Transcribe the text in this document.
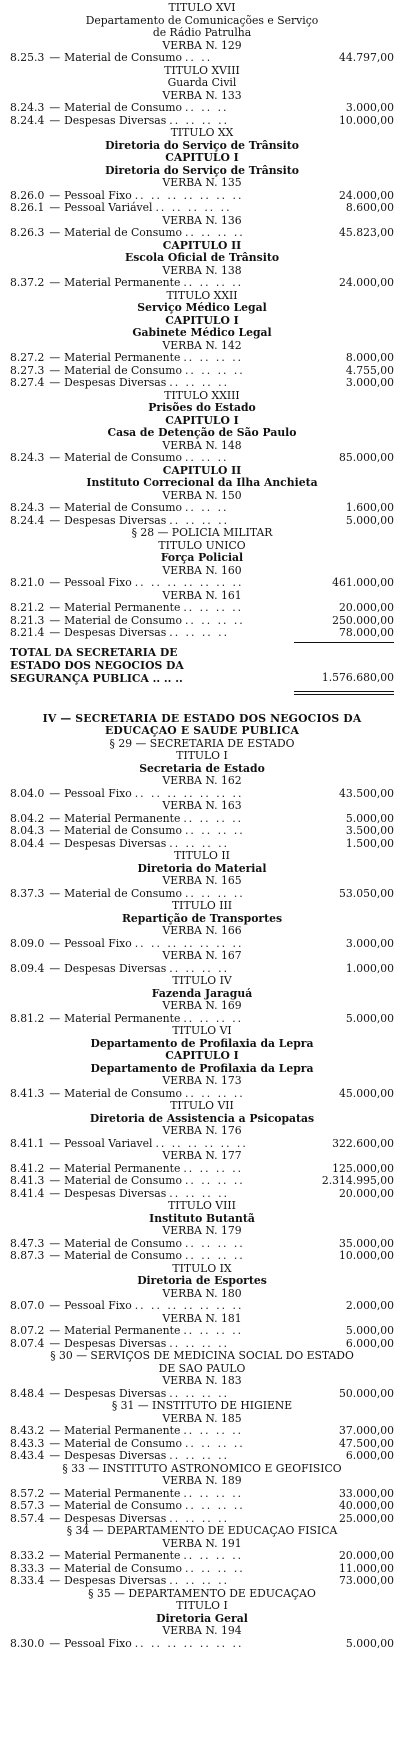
TITULO XVI
Departamento de Comunicações e Serviço
de Rádio Patrulha
VERBA N. 129
8.25.3 — Material de Consumo .. ..	44.797,00
TITULO XVIII
Guarda Civil
VERBA N. 133
8.24.3 — Material de Consumo .. .. ..	3.000,00
8.24.4 — Despesas Diversas .. .. .. ..	10.000,00
TITULO XX
Diretoria do Serviço de Trânsito
CAPITULO I
Diretoria do Serviço de Trânsito
VERBA N. 135
8.26.0 — Pessoal Fixo .. .. .. .. .. .. ..	24.000,00
8.26.1 — Pessoal Variável .. .. .. .. ..	8.600,00
VERBA N. 136
8.26.3 — Material de Consumo .. .. .. ..	45.823,00
CAPITULO II
Escola Oficial de Trânsito
VERBA N. 138
8.37.2 — Material Permanente .. .. .. ..	24.000,00
TITULO XXII
Serviço Médico Legal
CAPITULO I
Gabinete Médico Legal
VERBA N. 142
8.27.2 — Material Permanente .. .. .. ..	8.000,00
8.27.3 — Material de Consumo .. .. .. ..	4.755,00
8.27.4 — Despesas Diversas .. .. .. ..	3.000,00
TITULO XXIII
Prisões do Estado
CAPITULO I
Casa de Detenção de São Paulo
VERBA N. 148
8.24.3 — Material de Consumo .. .. ..	85.000,00
CAPITULO II
Instituto Correcional da Ilha Anchieta
VERBA N. 150
8.24.3 — Material de Consumo .. .. ..	1.600,00
8.24.4 — Despesas Diversas .. .. .. ..	5.000,00
§ 28 — POLICIA MILITAR
TITULO UNICO
Força Policial
VERBA N. 160
8.21.0 — Pessoal Fixo .. .. .. .. .. .. ..	461.000,00
VERBA N. 161
8.21.2 — Material Permanente .. .. .. ..	20.000,00
8.21.3 — Material de Consumo .. .. .. ..	250.000,00
8.21.4 — Despesas Diversas .. .. .. ..	78.000,00
TOTAL DA SECRETARIA DE
ESTADO DOS NEGOCIOS DA
SEGURANÇA PUBLICA .. .. ..	1.576.680,00
IV — SECRETARIA DE ESTADO DOS NEGOCIOS DA
EDUCAÇÃO E SAUDE PUBLICA
§ 29 — SECRETARIA DE ESTADO
TITULO I
Secretaria de Estado
VERBA N. 162
8.04.0 — Pessoal Fixo .. .. .. .. .. .. ..	43.500,00
VERBA N. 163
8.04.2 — Material Permanente .. .. .. ..	5.000,00
8.04.3 — Material de Consumo .. .. .. ..	3.500,00
8.04.4 — Despesas Diversas .. .. .. ..	1.500,00
TITULO II
Diretoria do Material
VERBA N. 165
8.37.3 — Material de Consumo .. .. .. ..	53.050,00
TITULO III
Repartição de Transportes
VERBA N. 166
8.09.0 — Pessoal Fixo .. .. .. .. .. .. ..	3.000,00
VERBA N. 167
8.09.4 — Despesas Diversas .. .. .. ..	1.000,00
TITULO IV
Fazenda Jaraguá
VERBA N. 169
8.81.2 — Material Permanente .. .. .. ..	5.000,00
TITULO VI
Departamento de Profilaxia da Lepra
CAPITULO I
Departamento de Profilaxia da Lepra
VERBA N. 173
8.41.3 — Material de Consumo .. .. .. ..	45.000,00
TITULO VII
Diretoria de Assistencia a Psicopatas
VERBA N. 176
8.41.1 — Pessoal Variavel .. .. .. .. .. ..	322.600,00
VERBA N. 177
8.41.2 — Material Permanente .. .. .. ..	125.000,00
8.41.3 — Material de Consumo .. .. .. ..	2.314.995,00
8.41.4 — Despesas Diversas .. .. .. ..	20.000,00
TITULO VIII
Instituto Butantã
VERBA N. 179
8.47.3 — Material de Consumo .. .. .. ..	35.000,00
8.87.3 — Material de Consumo .. .. .. ..	10.000,00
TITULO IX
Diretoria de Esportes
VERBA N. 180
8.07.0 — Pessoal Fixo .. .. .. .. .. .. ..	2.000,00
VERBA N. 181
8.07.2 — Material Permanente .. .. .. ..	5.000,00
8.07.4 — Despesas Diversas .. .. .. ..	6.000,00
§ 30 — SERVIÇOS DE MEDICINA SOCIAL DO ESTADO
DE SÃO PAULO
VERBA N. 183
8.48.4 — Despesas Diversas .. .. .. ..	50.000,00
§ 31 — INSTITUTO DE HIGIENE
VERBA N. 185
8.43.2 — Material Permanente .. .. .. ..	37.000,00
8.43.3 — Material de Consumo .. .. .. ..	47.500,00
8.43.4 — Despesas Diversas .. .. .. ..	6.000,00
§ 33 — INSTITUTO ASTRONOMICO E GEOFISICO
VERBA N. 189
8.57.2 — Material Permanente .. .. .. ..	33.000,00
8.57.3 — Material de Consumo .. .. .. ..	40.000,00
8.57.4 — Despesas Diversas .. .. .. ..	25.000,00
§ 34 — DEPARTAMENTO DE EDUCAÇÃO FISICA
VERBA N. 191
8.33.2 — Material Permanente .. .. .. ..	20.000,00
8.33.3 — Material de Consumo .. .. .. ..	11.000,00
8.33.4 — Despesas Diversas .. .. .. ..	73.000,00
§ 35 — DEPARTAMENTO DE EDUCAÇÃO
TITULO I
Diretoria Geral
VERBA N. 194
8.30.0 — Pessoal Fixo .. .. .. .. .. .. ..	5.000,00
